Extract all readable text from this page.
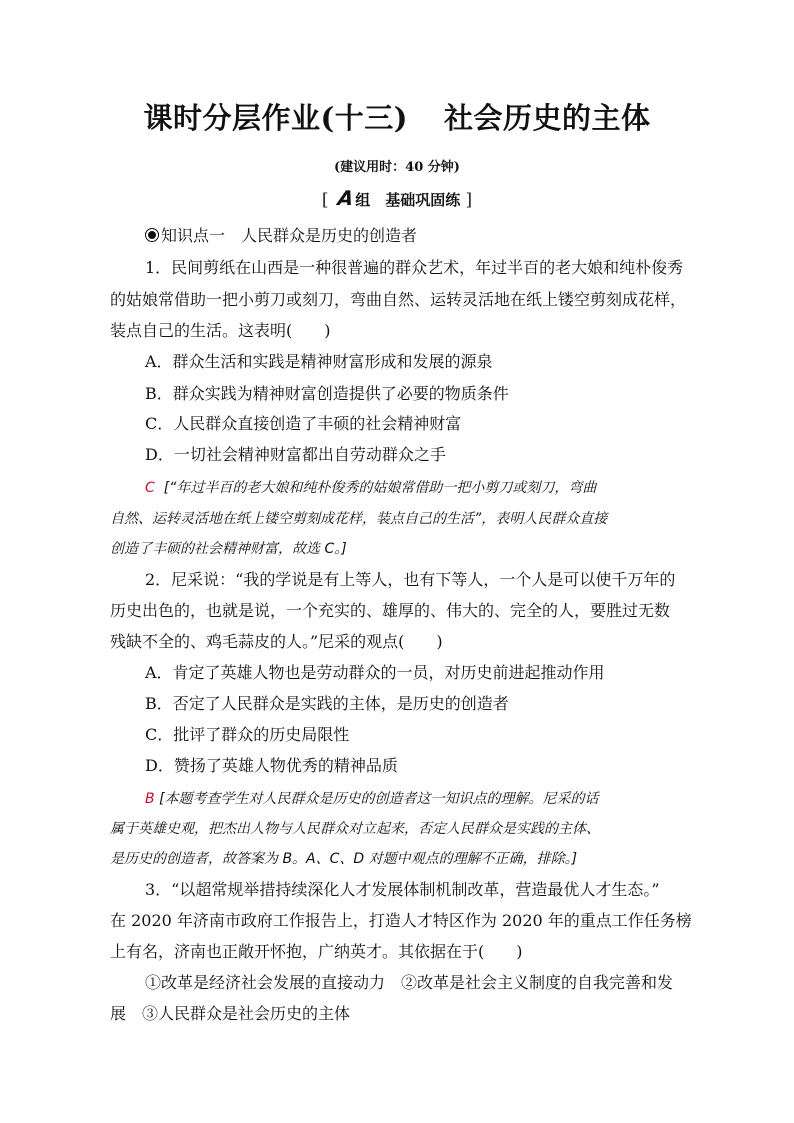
课时分层作业(十三) 社会历史的主体
(建议用时：40 分钟)
[ A组　基础巩固练 ]
知识点一　人民群众是历史的创造者
1．民间剪纸在山西是一种很普遍的群众艺术，年过半百的老大娘和纯朴俊秀
的姑娘常借助一把小剪刀或刻刀，弯曲自然、运转灵活地在纸上镂空剪刻成花样，
装点自己的生活。这表明(　　)
A．群众生活和实践是精神财富形成和发展的源泉
B．群众实践为精神财富创造提供了必要的物质条件
C．人民群众直接创造了丰硕的社会精神财富
D．一切社会精神财富都出自劳动群众之手
C [“年过半百的老大娘和纯朴俊秀的姑娘常借助一把小剪刀或刻刀，弯曲
自然、运转灵活地在纸上镂空剪刻成花样，装点自己的生活”，表明人民群众直接
创造了丰硕的社会精神财富，故选 C。]
2．尼采说：“我的学说是有上等人，也有下等人，一个人是可以使千万年的
历史出色的，也就是说，一个充实的、雄厚的、伟大的、完全的人，要胜过无数
残缺不全的、鸡毛蒜皮的人。”尼采的观点(　　)
A．肯定了英雄人物也是劳动群众的一员，对历史前进起推动作用
B．否定了人民群众是实践的主体，是历史的创造者
C．批评了群众的历史局限性
D．赞扬了英雄人物优秀的精神品质
B [本题考查学生对人民群众是历史的创造者这一知识点的理解。尼采的话
属于英雄史观，把杰出人物与人民群众对立起来，否定人民群众是实践的主体、
是历史的创造者，故答案为 B。A、C、D 对题中观点的理解不正确，排除。]
3．“以超常规举措持续深化人才发展体制机制改革，营造最优人才生态。”
在 2020 年济南市政府工作报告上，打造人才特区作为 2020 年的重点工作任务榜
上有名，济南也正敞开怀抱，广纳英才。其依据在于(　　)
①改革是经济社会发展的直接动力　②改革是社会主义制度的自我完善和发
展　③人民群众是社会历史的主体
